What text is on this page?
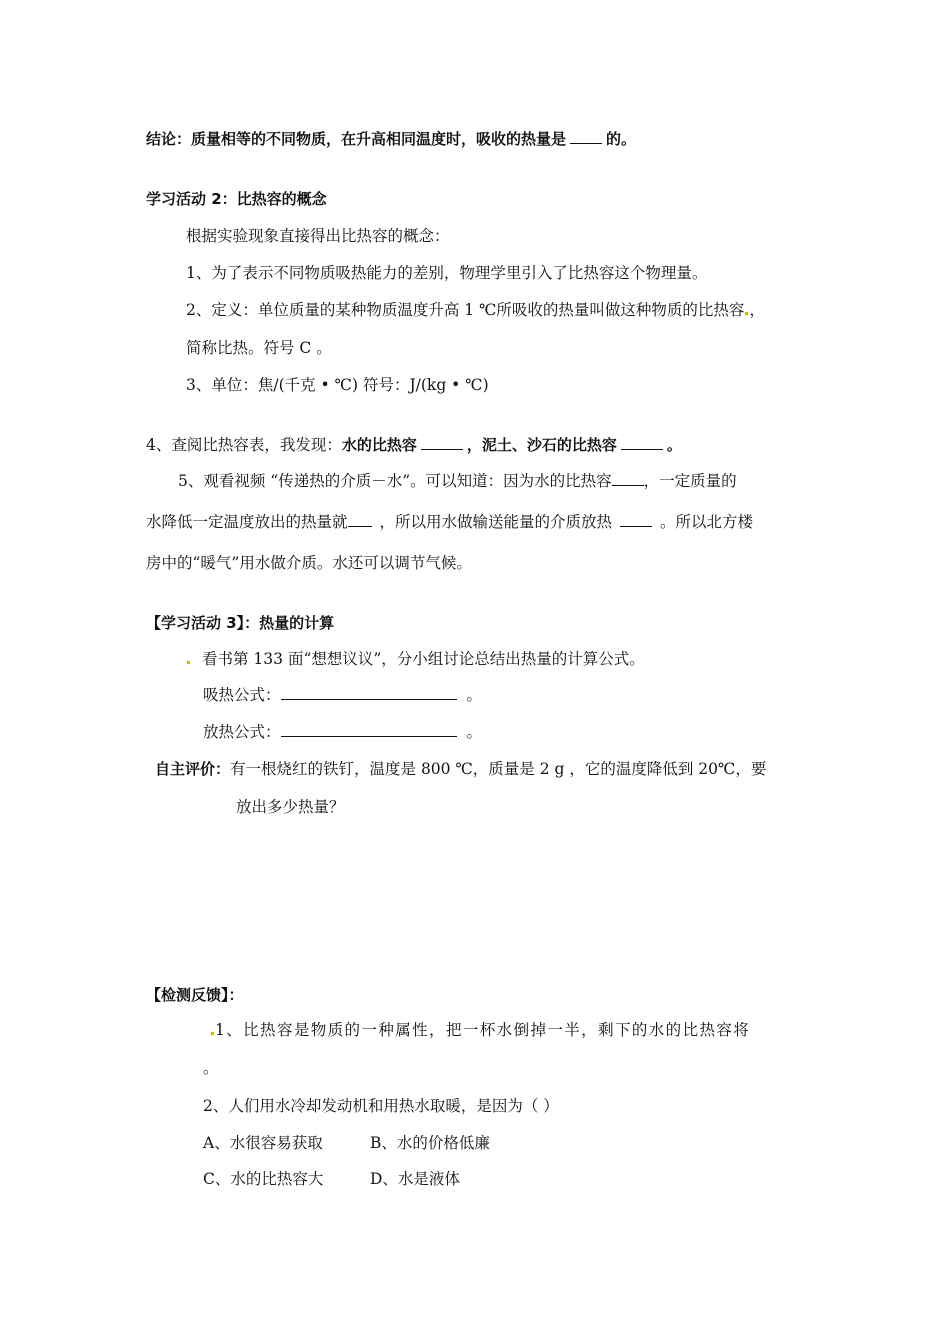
结论：质量相等的不同物质，在升高相同温度时，吸收的热量是	的。
学习活动 2：比热容的概念
根据实验现象直接得出比热容的概念：
1、为了表示不同物质吸热能力的差别，物理学里引入了比热容这个物理量。
2、定义：单位质量的某种物质温度升高 1 ℃所吸收的热量叫做这种物质的比热容 ，
简称比热。符号 C 。
3、单位：焦/(千克 • ℃) 符号：J/(kg • ℃)
4、查阅比热容表，我发现：水的比热容	，泥土、沙石的比热容	。
5、观看视频 “传递热的介质－水”。可以知道：因为水的比热容 ，一定质量的
水降低一定温度放出的热量就 ，所以用水做输送能量的介质放热	。所以北方楼
房中的“暖气”用水做介质。水还可以调节气候。
【学习活动 3】：热量的计算
看书第 133 面“想想议议”，分小组讨论总结出热量的计算公式。
吸热公式：	。
放热公式：	。
自主评价：有一根烧红的铁钉，温度是 800 ℃，质量是 2 g ，它的温度降低到 20℃，要
放出多少热量？
【检测反馈】：
1、比热容是物质的一种属性，把一杯水倒掉一半，剩下的水的比热容将
。
2、人们用水冷却发动机和用热水取暖，是因为（ ）
A、水很容易获取	B、水的价格低廉
C、水的比热容大	D、水是液体
